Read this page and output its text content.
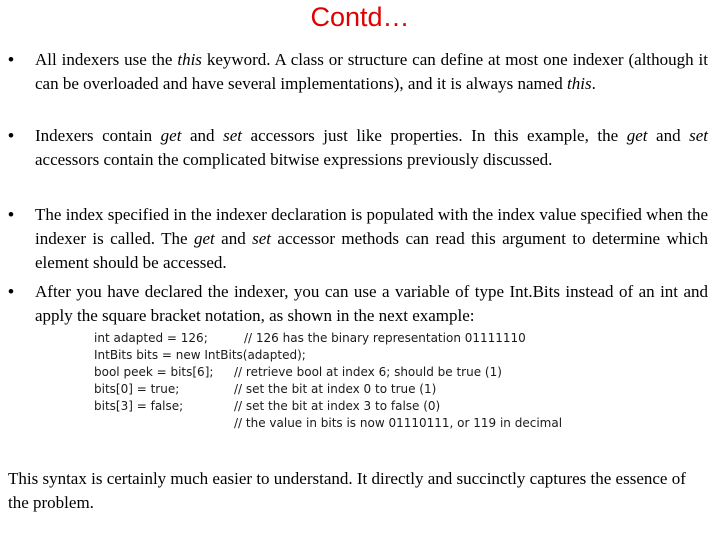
Contd…
• All indexers use the this keyword. A class or structure can define at most one indexer (although it can be overloaded and have several implementations), and it is always named this.
• Indexers contain get and set accessors just like properties. In this example, the get and set accessors contain the complicated bitwise expressions previously discussed.
• The index specified in the indexer declaration is populated with the index value specified when the indexer is called. The get and set accessor methods can read this argument to determine which element should be accessed.
• After you have declared the indexer, you can use a variable of type Int.Bits instead of an int and apply the square bracket notation, as shown in the next example:
int adapted = 126;	// 126 has the binary representation 01111110
IntBits bits = new IntBits(adapted);
bool peek = bits[6]; // retrieve bool at index 6; should be true (1)
bits[0] = true;	// set the bit at index 0 to true (1)
bits[3] = false;	// set the bit at index 3 to false (0)
// the value in bits is now 01110111, or 119 in decimal

This syntax is certainly much easier to understand. It directly and succinctly captures the essence of the problem.
